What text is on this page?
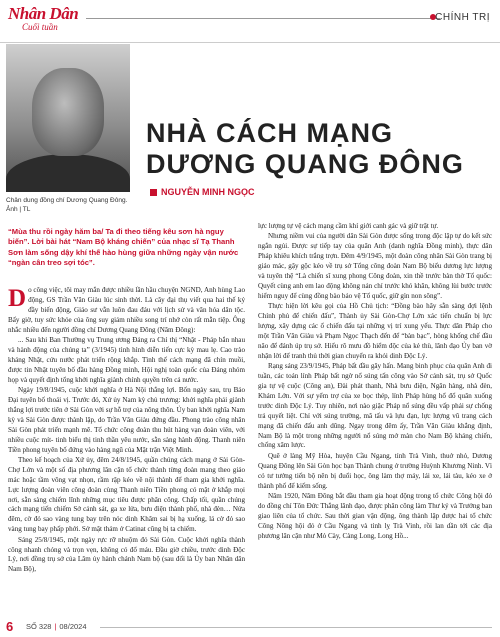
Nhân Dân
Cuối tuần
CHÍNH TRỊ
Chân dung đồng chí Dương Quang Đông. Ảnh | TL
NHÀ CÁCH MẠNG
DƯƠNG QUANG ĐÔNG
NGUYỄN MINH NGỌC
“Mùa thu rồi ngày hăm ba/ Ta đi theo tiếng kêu sơn hà nguy biến”. Lời bài hát “Nam Bộ kháng chiến” của nhạc sĩ Tạ Thanh Sơn làm sống dậy khí thế hào hùng giữa những ngày vận nước “ngàn cân treo sợi tóc”.

Do công việc, tôi may mắn được nhiều lần hầu chuyện NGND, Anh hùng Lao động, GS Trần Văn Giàu lúc sinh thời. Là cây đại thụ viết qua hai thế kỷ đầy biến động, Giáo sư vẫn luôn đau đáu với lịch sử và văn hóa dân tộc. Bấy giờ, tuy sức khỏe của ông suy giảm nhiều song trí nhớ còn rất mẫn tiệp. Ông nhắc nhiều đến người đồng chí Dương Quang Đông (Năm Đông):

... Sau khi Ban Thường vụ Trung ương Đảng ra Chỉ thị “Nhật - Pháp bắn nhau và hành động của chúng ta” (3/1945) tình hình diễn tiến cực kỳ mau lẹ. Cao trào kháng Nhật, cứu nước phát triển rộng khắp. Tình thế cách mạng đã chín muồi, được tin Nhật tuyên bố đầu hàng Đồng minh, Hội nghị toàn quốc của Đảng nhóm họp và quyết định tổng khởi nghĩa giành chính quyền trên cả nước.

Ngày 19/8/1945, cuộc khởi nghĩa ở Hà Nội thắng lợi. Bốn ngày sau, trụ Báo Đại tuyên bố thoái vị. Trước đó, Xứ ủy Nam kỳ chủ trương: khởi nghĩa phải giành thắng lợi trước tiên ở Sài Gòn với sự hỗ trợ của nông thôn. Ủy ban khởi nghĩa Nam kỳ và Sài Gòn được thành lập, do Trần Văn Giàu đứng đầu. Phong trào công nhân Sài Gòn phát triển mạnh mẽ. Tổ chức công đoàn thu hút hàng vạn đoàn viên, với nhiều cuộc mít- tinh biểu thị tinh thần yêu nước, sẵn sàng hành động. Thanh niên Tiền phong tuyên bố đứng vào hàng ngũ của Mặt trận Việt Minh.

Theo kế hoạch của Xứ ủy, đêm 24/8/1945, quần chúng cách mạng ở Sài Gòn-Chợ Lớn và một số địa phương lân cận tổ chức thành từng đoàn mang theo giáo mác hoặc tầm vông vạt nhọn, rầm rập kéo về nội thành để tham gia khởi nghĩa. Lực lượng đoàn viên công đoàn cùng Thanh niên Tiền phong có mặt ở khắp mọi nơi, sẵn sàng chiếm lĩnh những mục tiêu được phân công. Chấp tối, quần chúng cách mạng tiến chiếm Sở cảnh sát, ga xe lửa, bưu điện thành phố, nhà đèn… Nửa đêm, cờ đỏ sao vàng tung bay trên nóc dinh Khâm sai bị hạ xuống, lá cờ đỏ sao vàng tung bay phấp phới. Sở mật thám ở Catinat cũng bị ta chiếm.

Sáng 25/8/1945, một ngày rực rỡ nhuộm đỏ Sài Gòn. Cuộc khởi nghĩa thành công nhanh chóng và trọn vẹn, không có đổ máu. Đầu giờ chiều, trước dinh Độc Lý, nơi đồng trụ sở của Lâm ủy hành chánh Nam bộ (sau đổi là Ủy ban Nhân dân Nam Bộ),

lực lượng tự vệ cách mạng cầm khí giới canh gác và giữ trật tự.

Nhưng niềm vui của người dân Sài Gòn được sống trong độc lập tự do kết sức ngắn ngủi. Được sự tiếp tay của quân Anh (danh nghĩa Đồng minh), thực dân Pháp khiêu khích trắng trợn. Đêm 4/9/1945, một đoàn công nhân Sài Gòn trang bị giáo mác, gậy gộc kéo về trụ sở Tổng công đoàn Nam Bộ biểu dương lực lượng và tuyên thệ “Là chiến sĩ xung phong Công đoàn, xin thề trước bàn thờ Tổ quốc: Quyết cùng anh em lao động không nản chí trước khó khăn, không lùi bước trước hiểm nguy để cùng đồng bào bảo vệ Tổ quốc, giữ gìn non sông”.

Thực hiện lời kêu gọi của Hồ Chủ tịch: “Đồng bào hãy sẵn sàng đợi lệnh Chính phủ để chiến đấu”, Thành ủy Sài Gòn-Chợ Lớn xác tiến chuẩn bị lực lượng, xây dựng các ổ chiến đấu tại những vị trí xung yếu. Thực dân Pháp cho một Trần Văn Giàu và Phạm Ngọc Thạch đến để “bàn bạc”, hòng khống chế đầu não để đánh úp trụ sở. Hiểu rõ mưu đồ hiểm độc của kẻ thù, lãnh đạo Ủy ban vờ nhận lời để tranh thủ thời gian chuyển ra khỏi dinh Độc Lý.

Rạng sáng 23/9/1945, Pháp bất đầu gây hấn. Mang binh phục của quân Anh đi tuần, các toán lính Pháp bất ngờ nổ súng tấn công vào Sở cảnh sát, trụ sở Quốc gia tự vệ cuộc (Công an), Đài phát thanh, Nhà bưu điện, Ngân hàng, nhà đèn, Khám Lớn. Với sự yểm trợ của xe bọc thép, lính Pháp hùng hổ đổ quân xuống trước dinh Độc Lý. Tuy nhiên, nơi nào giặc Pháp nổ súng đều vấp phải sự chống trả quyết liệt. Chỉ với súng trường, mã tấu và lựu đạn, lực lượng vũ trang cách mạng đã chiến đấu anh dũng. Ngay trong đêm ấy, Trần Văn Giàu khẳng định, Nam Bộ là một trong những người nổ súng mở màn cho Nam Bộ kháng chiến, chống xâm lược.

Quê ở làng Mỹ Hòa, huyện Cầu Ngang, tỉnh Trà Vinh, thuở nhỏ, Dương Quang Đông lên Sài Gòn học bạn Thành chung ở trường Huỳnh Khương Ninh. Vì có tư tưởng tiến bộ nên bị đuổi học, ông làm thợ máy, lái xe, lái tàu, kéo xe ở thành phố để kiếm sống.

Năm 1920, Năm Đông bắt đầu tham gia hoạt động trong tổ chức Công hội đỏ do đồng chí Tôn Đức Thắng lãnh đạo, được phân công làm Thư ký và Trưởng ban giao liên của tổ chức. Sau thời gian vận động, ông thành lập được hai tổ chức Công Nông hội đỏ ở Cầu Ngang và tỉnh lỵ Trà Vinh, rồi lan dần tới các địa phương lân cận như Mỏ Cày, Càng Long, Long Hồ...

6 SỐ 328 | 08/2024
